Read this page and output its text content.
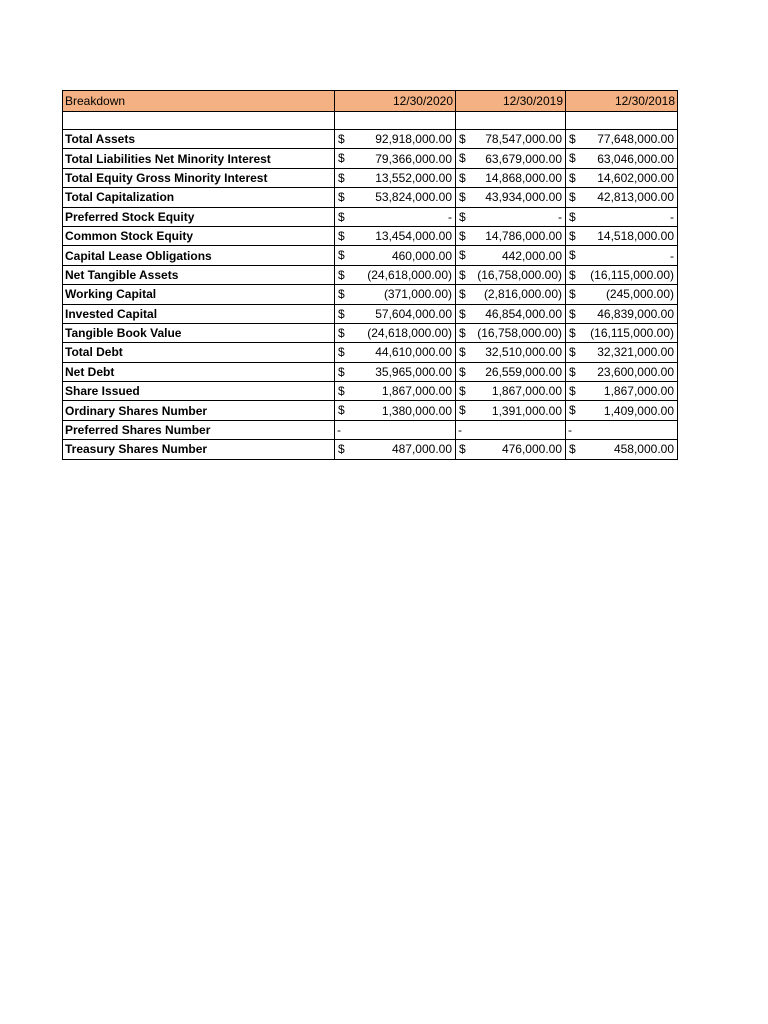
Breakdown	12/30/2020	12/30/2019	12/30/2018

Total Assets	$ 92,918,000.00	$ 78,547,000.00	$ 77,648,000.00
Total Liabilities Net Minority Interest	$ 79,366,000.00	$ 63,679,000.00	$ 63,046,000.00
Total Equity Gross Minority Interest	$ 13,552,000.00	$ 14,868,000.00	$ 14,602,000.00
Total Capitalization	$ 53,824,000.00	$ 43,934,000.00	$ 42,813,000.00
Preferred Stock Equity	$ -	$ -	$ -
Common Stock Equity	$ 13,454,000.00	$ 14,786,000.00	$ 14,518,000.00
Capital Lease Obligations	$ 460,000.00	$ 442,000.00	$ -
Net Tangible Assets	$ (24,618,000.00)	$ (16,758,000.00)	$ (16,115,000.00)
Working Capital	$ (371,000.00)	$ (2,816,000.00)	$ (245,000.00)
Invested Capital	$ 57,604,000.00	$ 46,854,000.00	$ 46,839,000.00
Tangible Book Value	$ (24,618,000.00)	$ (16,758,000.00)	$ (16,115,000.00)
Total Debt	$ 44,610,000.00	$ 32,510,000.00	$ 32,321,000.00
Net Debt	$ 35,965,000.00	$ 26,559,000.00	$ 23,600,000.00
Share Issued	$ 1,867,000.00	$ 1,867,000.00	$ 1,867,000.00
Ordinary Shares Number	$ 1,380,000.00	$ 1,391,000.00	$ 1,409,000.00
Preferred Shares Number	-	-	-
Treasury Shares Number	$ 487,000.00	$ 476,000.00	$ 458,000.00
